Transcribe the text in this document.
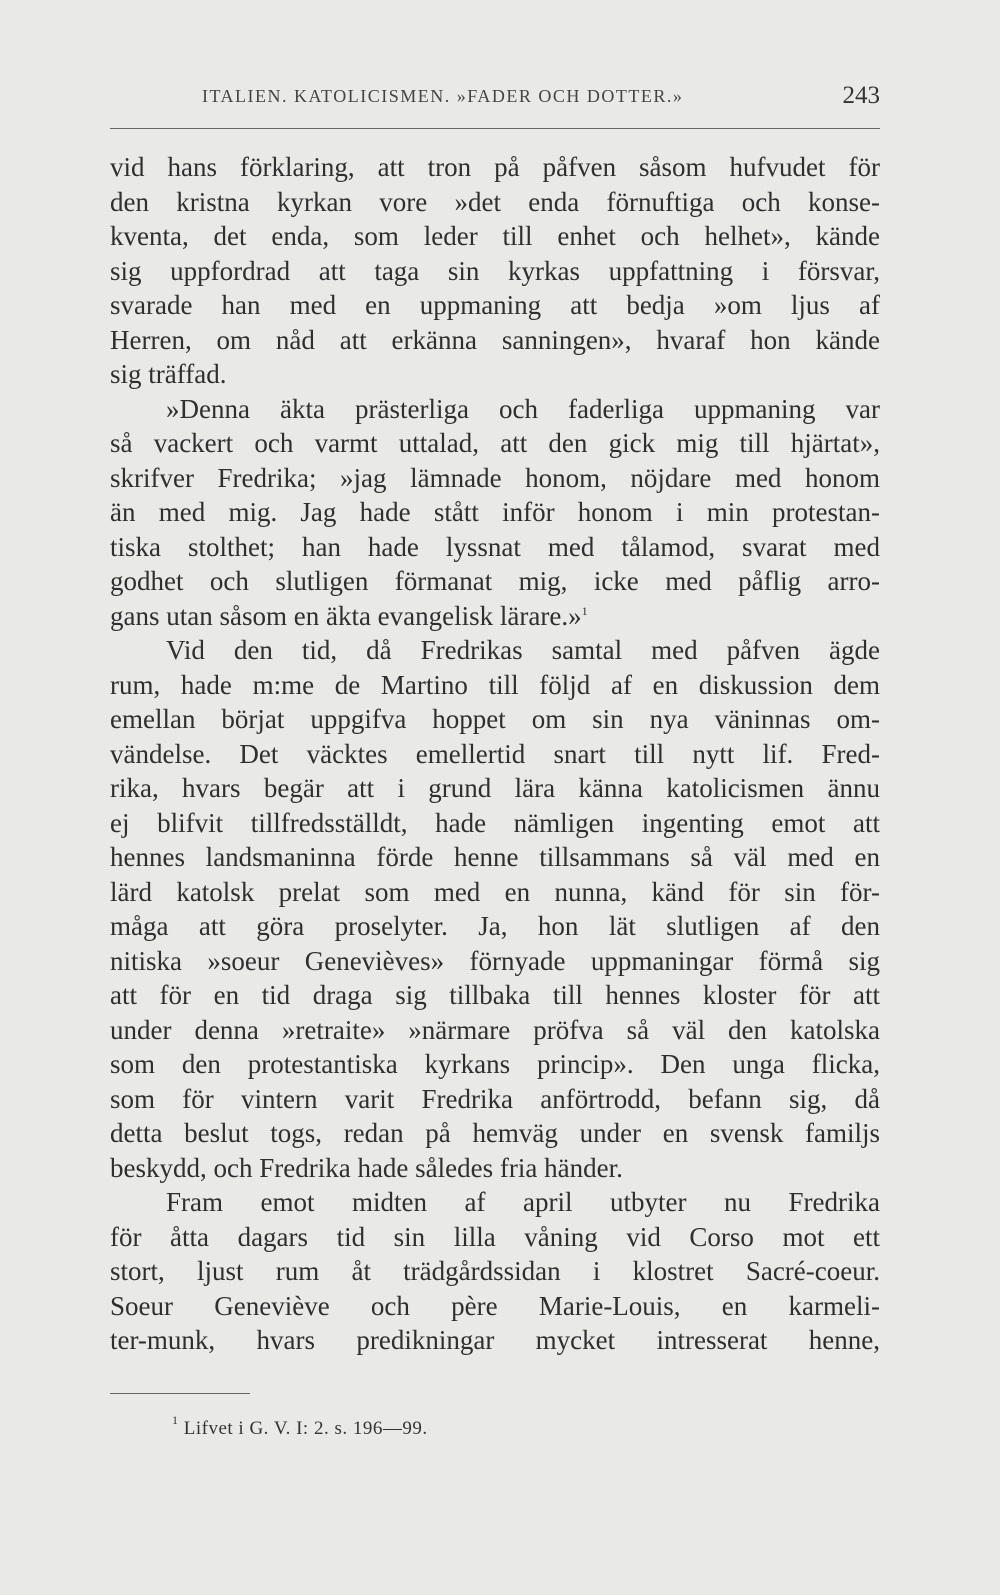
ITALIEN. KATOLICISMEN. »FADER OCH DOTTER.»	243
vid hans förklaring, att tron på påfven såsom hufvudet för
den kristna kyrkan vore »det enda förnuftiga och konse-
kventa, det enda, som leder till enhet och helhet», kände
sig uppfordrad att taga sin kyrkas uppfattning i försvar,
svarade han med en uppmaning att bedja »om ljus af
Herren, om nåd att erkänna sanningen», hvaraf hon kände
sig träffad.
»Denna äkta prästerliga och faderliga uppmaning var
så vackert och varmt uttalad, att den gick mig till hjärtat»,
skrifver Fredrika; »jag lämnade honom, nöjdare med honom
än med mig. Jag hade stått inför honom i min protestan-
tiska stolthet; han hade lyssnat med tålamod, svarat med
godhet och slutligen förmanat mig, icke med påflig arro-
gans utan såsom en äkta evangelisk lärare.»$^1$
Vid den tid, då Fredrikas samtal med påfven ägde
rum, hade m:me de Martino till följd af en diskussion dem
emellan börjat uppgifva hoppet om sin nya väninnas om-
vändelse. Det väcktes emellertid snart till nytt lif. Fred-
rika, hvars begär att i grund lära känna katolicismen ännu
ej blifvit tillfredsställdt, hade nämligen ingenting emot att
hennes landsmaninna förde henne tillsammans så väl med en
lärd katolsk prelat som med en nunna, känd för sin för-
måga att göra proselyter. Ja, hon lät slutligen af den
nitiska »soeur Genevièves» förnyade uppmaningar förmå sig
att för en tid draga sig tillbaka till hennes kloster för att
under denna »retraite» »närmare pröfva så väl den katolska
som den protestantiska kyrkans princip». Den unga flicka,
som för vintern varit Fredrika anförtrodd, befann sig, då
detta beslut togs, redan på hemväg under en svensk familjs
beskydd, och Fredrika hade således fria händer.
Fram emot midten af april utbyter nu Fredrika
för åtta dagars tid sin lilla våning vid Corso mot ett
stort, ljust rum åt trädgårdssidan i klostret Sacré-coeur.
Soeur Geneviève och père Marie-Louis, en karmeli-
ter-munk, hvars predikningar mycket intresserat henne,
$^1$ Lifvet i G. V. I: 2. s. 196—99.
